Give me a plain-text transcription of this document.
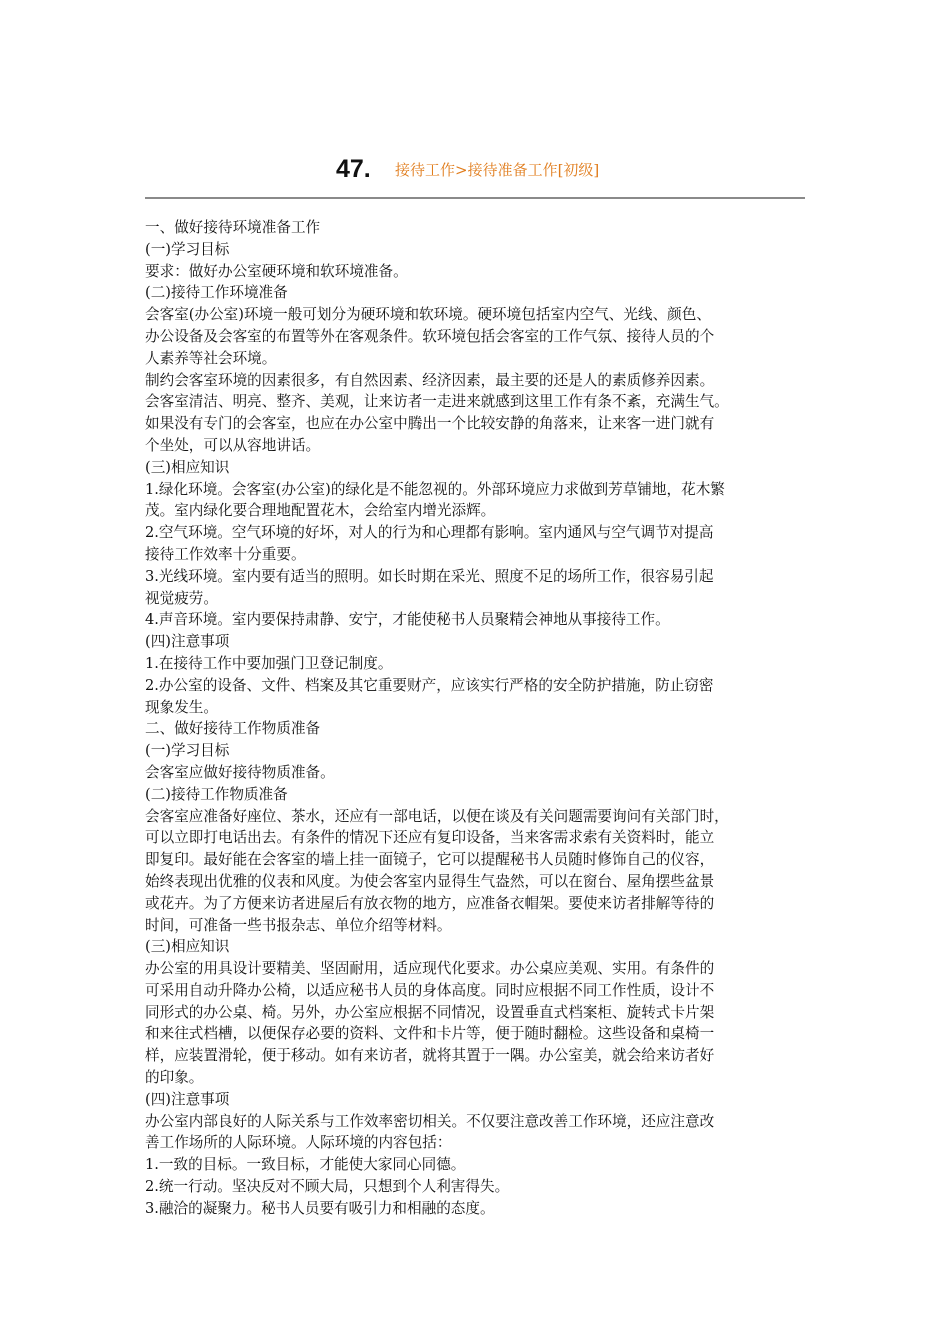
47. 接待工作>接待准备工作[初级]
一、做好接待环境准备工作
(一)学习目标
要求：做好办公室硬环境和软环境准备。
(二)接待工作环境准备
会客室(办公室)环境一般可划分为硬环境和软环境。硬环境包括室内空气、光线、颜色、
办公设备及会客室的布置等外在客观条件。软环境包括会客室的工作气氛、接待人员的个
人素养等社会环境。
制约会客室环境的因素很多，有自然因素、经济因素，最主要的还是人的素质修养因素。
会客室清洁、明亮、整齐、美观，让来访者一走进来就感到这里工作有条不紊，充满生气。
如果没有专门的会客室，也应在办公室中腾出一个比较安静的角落来，让来客一进门就有
个坐处，可以从容地讲话。
(三)相应知识
1.绿化环境。会客室(办公室)的绿化是不能忽视的。外部环境应力求做到芳草铺地，花木繁
茂。室内绿化要合理地配置花木，会给室内增光添辉。
2.空气环境。空气环境的好坏，对人的行为和心理都有影响。室内通风与空气调节对提高
接待工作效率十分重要。
3.光线环境。室内要有适当的照明。如长时期在采光、照度不足的场所工作，很容易引起
视觉疲劳。
4.声音环境。室内要保持肃静、安宁，才能使秘书人员聚精会神地从事接待工作。
(四)注意事项
1.在接待工作中要加强门卫登记制度。
2.办公室的设备、文件、档案及其它重要财产，应该实行严格的安全防护措施，防止窃密
现象发生。
二、做好接待工作物质准备
(一)学习目标
会客室应做好接待物质准备。
(二)接待工作物质准备
会客室应准备好座位、茶水，还应有一部电话，以便在谈及有关问题需要询问有关部门时，
可以立即打电话出去。有条件的情况下还应有复印设备，当来客需求索有关资料时，能立
即复印。最好能在会客室的墙上挂一面镜子，它可以提醒秘书人员随时修饰自己的仪容，
始终表现出优雅的仪表和风度。为使会客室内显得生气盎然，可以在窗台、屋角摆些盆景
或花卉。为了方便来访者进屋后有放衣物的地方，应准备衣帽架。要使来访者排解等待的
时间，可准备一些书报杂志、单位介绍等材料。
(三)相应知识
办公室的用具设计要精美、坚固耐用，适应现代化要求。办公桌应美观、实用。有条件的
可采用自动升降办公椅，以适应秘书人员的身体高度。同时应根据不同工作性质，设计不
同形式的办公桌、椅。另外，办公室应根据不同情况，设置垂直式档案柜、旋转式卡片架
和来往式档槽，以便保存必要的资料、文件和卡片等，便于随时翻检。这些设备和桌椅一
样，应装置滑轮，便于移动。如有来访者，就将其置于一隅。办公室美，就会给来访者好
的印象。
(四)注意事项
办公室内部良好的人际关系与工作效率密切相关。不仅要注意改善工作环境，还应注意改
善工作场所的人际环境。人际环境的内容包括：
1.一致的目标。一致目标，才能使大家同心同德。
2.统一行动。坚决反对不顾大局，只想到个人利害得失。
3.融洽的凝聚力。秘书人员要有吸引力和相融的态度。
